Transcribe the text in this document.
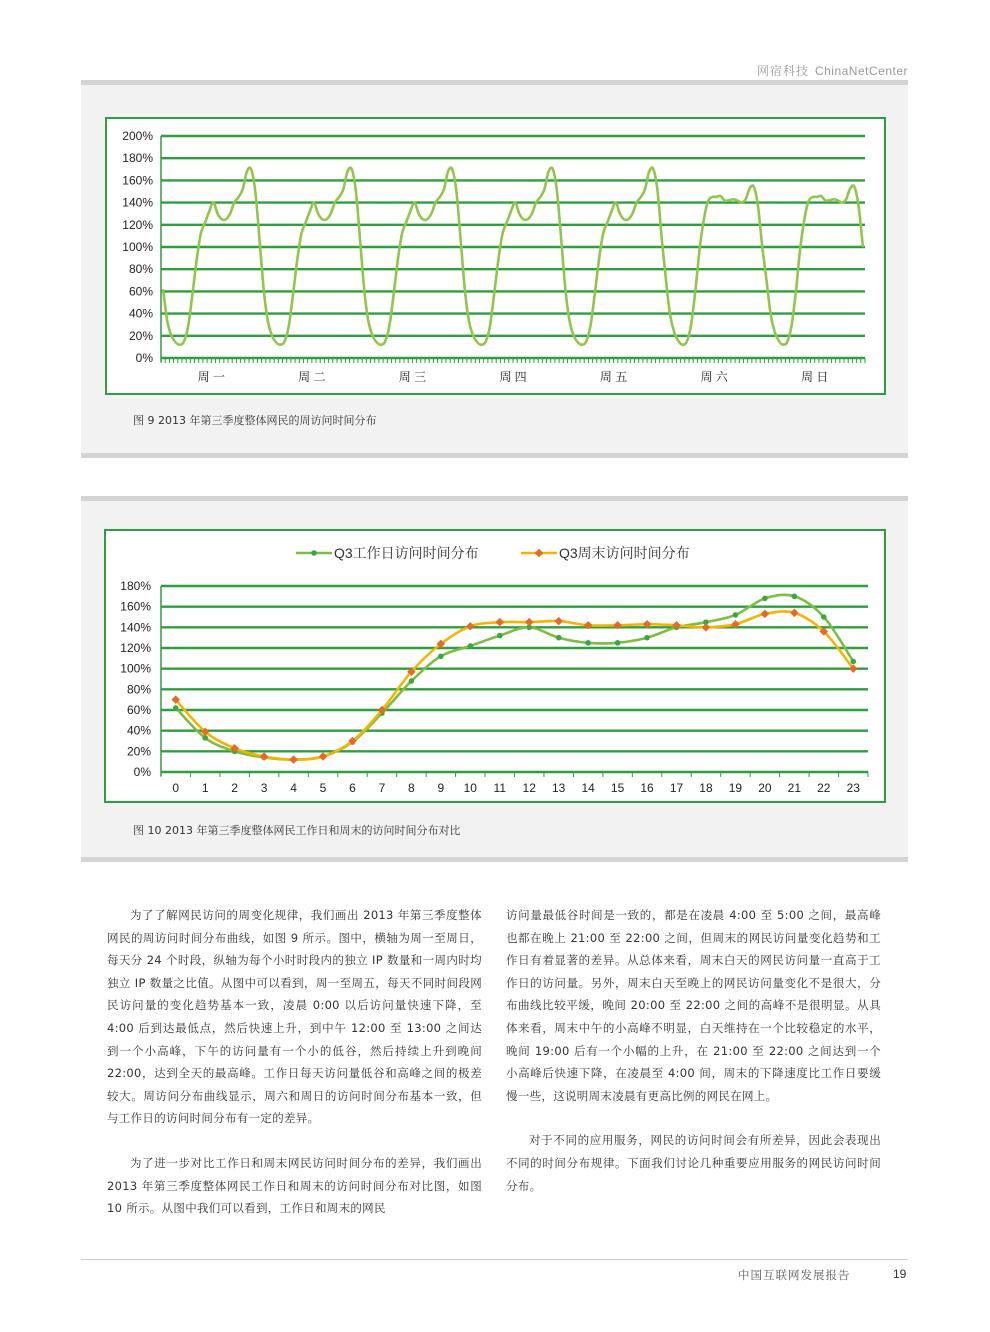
网宿科技 ChinaNetCenter
0%
20%
40%
60%
80%
100%
120%
140%
160%
180%
200%
周 一	周 二	周 三	周 四	周 五	周 六	周 日
图 9 2013 年第三季度整体网民的周访问时间分布
0%
20%
40%
60%
80%
100%
120%
140%
160%
180%
0 1 2 3 4 5 6 7 8 9 10 11 12 13 14 15 16 17 18 19 20 21 22 23
Q3工作日访问时间分布	Q3周末访问时间分布
图 10 2013 年第三季度整体网民工作日和周末的访问时间分布对比

为了了解网民访问的周变化规律，我们画出 2013 年第三季度整体网民的周访问时间分布曲线，如图 9 所示。图中，横轴为周一至周日，每天分 24 个时段，纵轴为每个小时时段内的独立 IP 数量和一周内时均独立 IP 数量之比值。从图中可以看到，周一至周五，每天不同时间段网民访问量的变化趋势基本一致，凌晨 0:00 以后访问量快速下降，至 4:00 后到达最低点，然后快速上升，到中午 12:00 至 13:00 之间达到一个小高峰，下午的访问量有一个小的低谷，然后持续上升到晚间 22:00，达到全天的最高峰。工作日每天访问量低谷和高峰之间的极差较大。周访问分布曲线显示，周六和周日的访问时间分布基本一致，但与工作日的访问时间分布有一定的差异。

为了进一步对比工作日和周末网民访问时间分布的差异，我们画出 2013 年第三季度整体网民工作日和周末的访问时间分布对比图，如图 10 所示。从图中我们可以看到，工作日和周末的网民

访问量最低谷时间是一致的，都是在凌晨 4:00 至 5:00 之间，最高峰也都在晚上 21:00 至 22:00 之间，但周末的网民访问量变化趋势和工作日有着显著的差异。从总体来看，周末白天的网民访问量一直高于工作日的访问量。另外，周末白天至晚上的网民访问量变化不是很大，分布曲线比较平缓，晚间 20:00 至 22:00 之间的高峰不是很明显。从具体来看，周末中午的小高峰不明显，白天维持在一个比较稳定的水平，晚间 19:00 后有一个小幅的上升，在 21:00 至 22:00 之间达到一个小高峰后快速下降，在凌晨至 4:00 间，周末的下降速度比工作日要缓慢一些，这说明周末凌晨有更高比例的网民在网上。

对于不同的应用服务，网民的访问时间会有所差异，因此会表现出不同的时间分布规律。下面我们讨论几种重要应用服务的网民访问时间分布。

中国互联网发展报告	19
